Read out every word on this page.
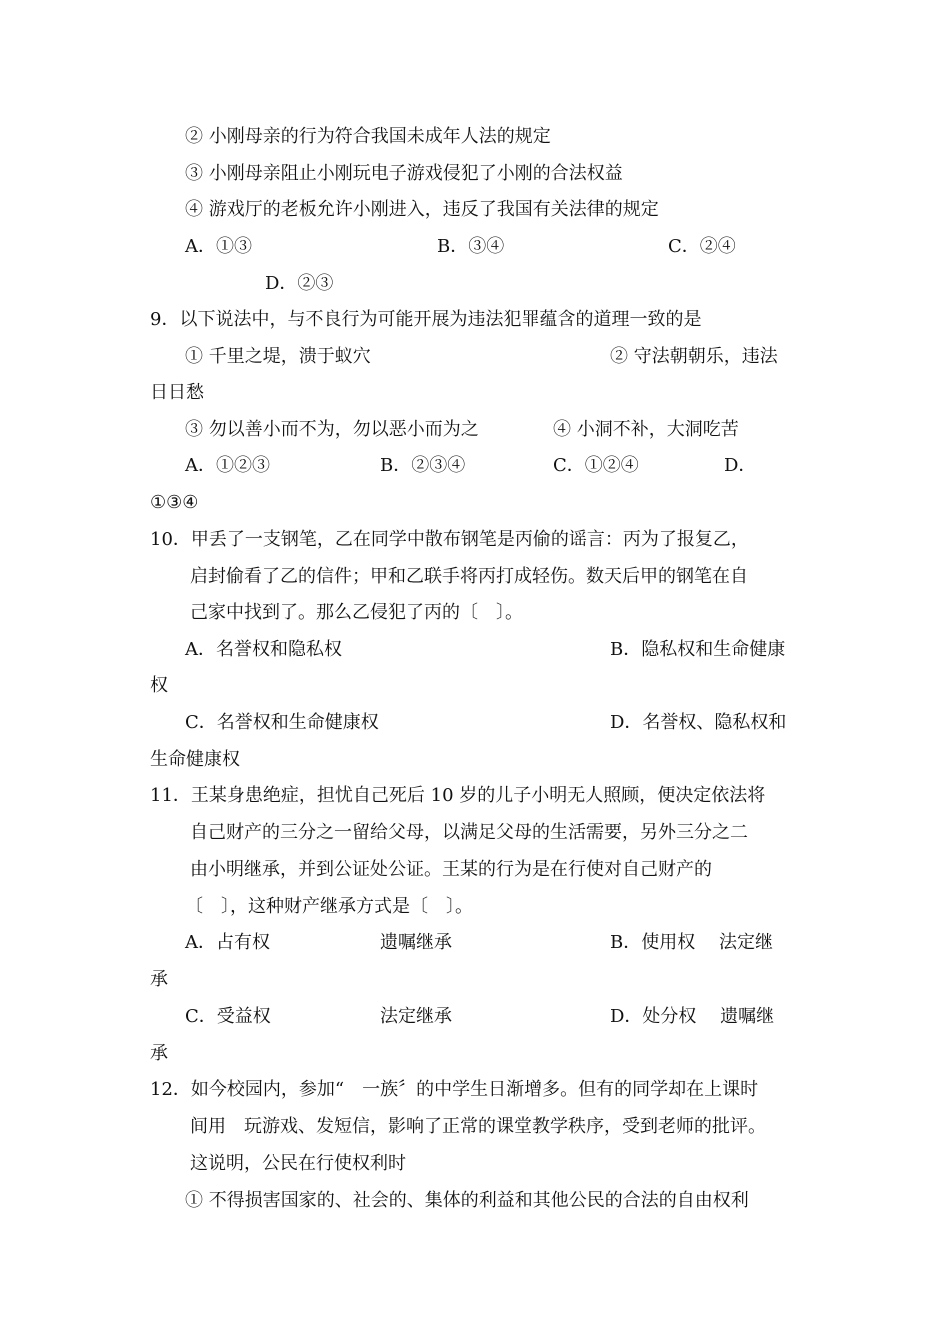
② 小刚母亲的行为符合我国未成年人法的规定
③ 小刚母亲阻止小刚玩电子游戏侵犯了小刚的合法权益
④ 游戏厅的老板允许小刚进入，违反了我国有关法律的规定
A．①③	B．③④	C．②④
D．②③
9．以下说法中，与不良行为可能开展为违法犯罪蕴含的道理一致的是
① 千里之堤，溃于蚁穴	② 守法朝朝乐，违法
日日愁
③ 勿以善小而不为，勿以恶小而为之	④ 小洞不补，大洞吃苦
A．①②③	B．②③④	C．①②④	D．
①③④
10．甲丢了一支钢笔，乙在同学中散布钢笔是丙偷的谣言：丙为了报复乙，
启封偷看了乙的信件；甲和乙联手将丙打成轻伤。数天后甲的钢笔在自
己家中找到了。那么乙侵犯了丙的〔　〕。
A．名誉权和隐私权	B．隐私权和生命健康
权
C．名誉权和生命健康权	D．名誉权、隐私权和
生命健康权
11．王某身患绝症，担忧自己死后 10 岁的儿子小明无人照顾，便决定依法将
自己财产的三分之一留给父母，以满足父母的生活需要，另外三分之二
由小明继承，并到公证处公证。王某的行为是在行使对自己财产的
〔　〕，这种财产继承方式是〔　〕。
A．占有权	遗嘱继承	B．使用权　 法定继
承
C．受益权	法定继承	D．处分权　 遗嘱继
承
12．如今校园内，参加“　一族〞的中学生日渐增多。但有的同学却在上课时
间用　玩游戏、发短信，影响了正常的课堂教学秩序，受到老师的批评。
这说明，公民在行使权利时
① 不得损害国家的、社会的、集体的利益和其他公民的合法的自由权利
